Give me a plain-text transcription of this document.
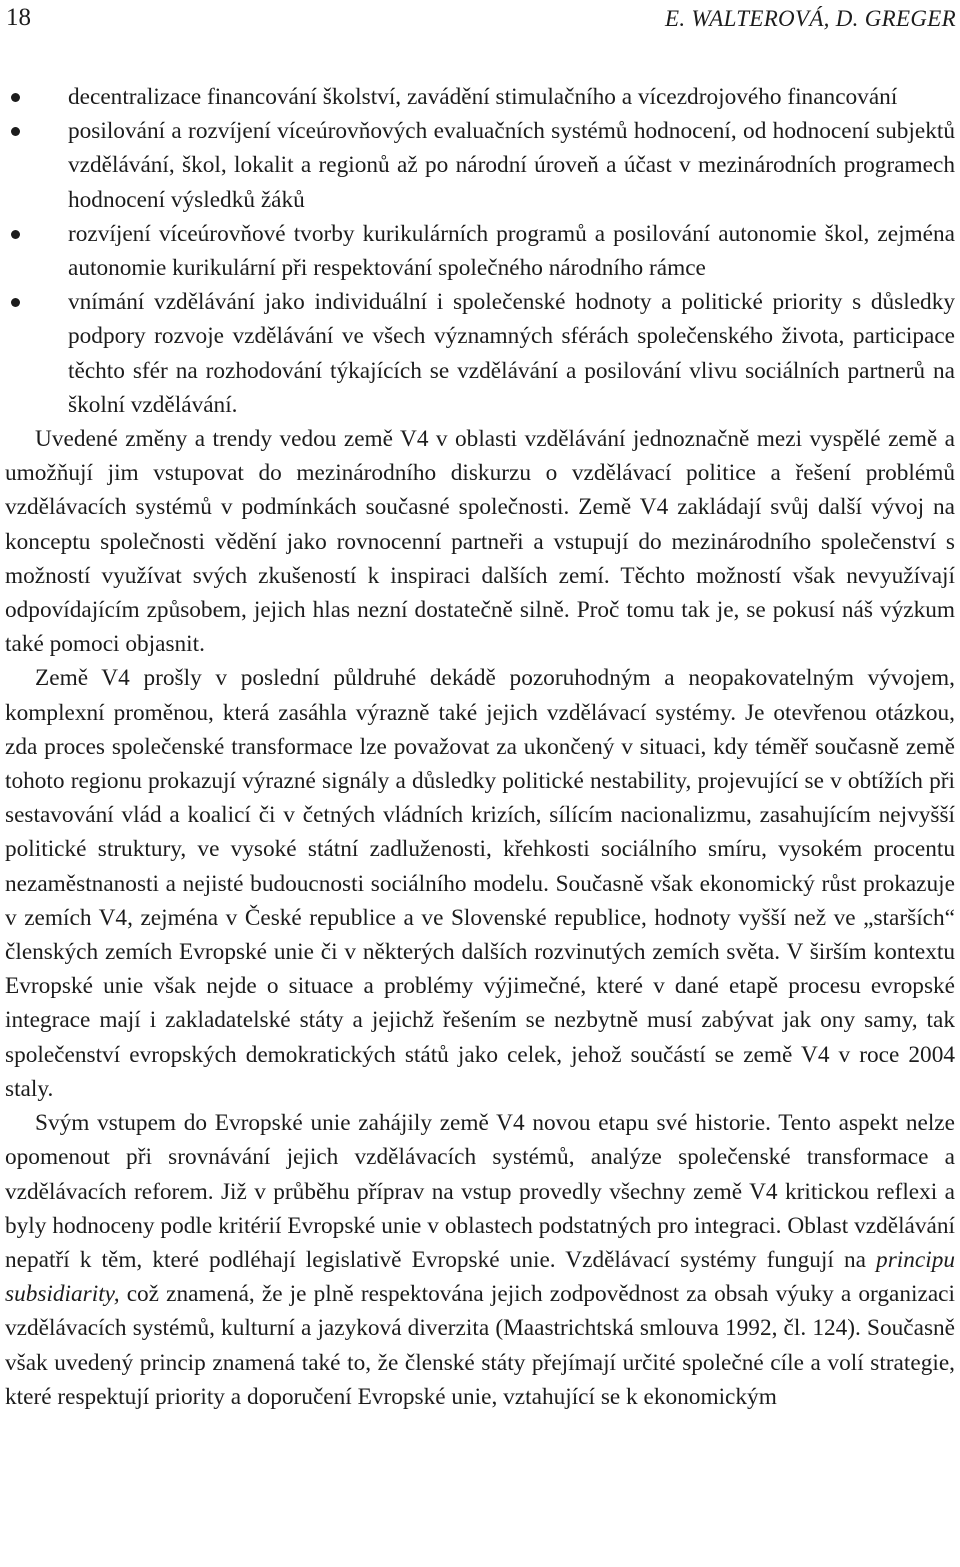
18	E. WALTEROVÁ, D. GREGER
decentralizace financování školství, zavádění stimulačního a vícezdrojového financování
posilování a rozvíjení víceúrovňových evaluačních systémů hodnocení, od hodnocení subjektů vzdělávání, škol, lokalit a regionů až po národní úroveň a účast v mezinárodních programech hodnocení výsledků žáků
rozvíjení víceúrovňové tvorby kurikulárních programů a posilování autonomie škol, zejména autonomie kurikulární při respektování společného národního rámce
vnímání vzdělávání jako individuální i společenské hodnoty a politické priority s důsledky podpory rozvoje vzdělávání ve všech významných sférách společenského života, participace těchto sfér na rozhodování týkajících se vzdělávání a posilování vlivu sociálních partnerů na školní vzdělávání.

Uvedené změny a trendy vedou země V4 v oblasti vzdělávání jednoznačně mezi vyspělé země a umožňují jim vstupovat do mezinárodního diskurzu o vzdělávací politice a řešení problémů vzdělávacích systémů v podmínkách současné společnosti. Země V4 zakládají svůj další vývoj na konceptu společnosti vědění jako rovnocenní partneři a vstupují do mezinárodního společenství s možností využívat svých zkušeností k inspiraci dalších zemí. Těchto možností však nevyužívají odpovídajícím způsobem, jejich hlas nezní dostatečně silně. Proč tomu tak je, se pokusí náš výzkum také pomoci objasnit.

Země V4 prošly v poslední půldruhé dekádě pozoruhodným a neopakovatelným vývojem, komplexní proměnou, která zasáhla výrazně také jejich vzdělávací systémy. Je otevřenou otázkou, zda proces společenské transformace lze považovat za ukončený v situaci, kdy téměř současně země tohoto regionu prokazují výrazné signály a důsledky politické nestability, projevující se v obtížích při sestavování vlád a koalicí či v četných vládních krizích, sílícím nacionalizmu, zasahujícím nejvyšší politické struktury, ve vysoké státní zadluženosti, křehkosti sociálního smíru, vysokém procentu nezaměstnanosti a nejisté budoucnosti sociálního modelu. Současně však ekonomický růst prokazuje v zemích V4, zejména v České republice a ve Slovenské republice, hodnoty vyšší než ve „starších“ členských zemích Evropské unie či v některých dalších rozvinutých zemích světa. V širším kontextu Evropské unie však nejde o situace a problémy výjimečné, které v dané etapě procesu evropské integrace mají i zakladatelské státy a jejichž řešením se nezbytně musí zabývat jak ony samy, tak společenství evropských demokratických států jako celek, jehož součástí se země V4 v roce 2004 staly.

Svým vstupem do Evropské unie zahájily země V4 novou etapu své historie. Tento aspekt nelze opomenout při srovnávání jejich vzdělávacích systémů, analýze společenské transformace a vzdělávacích reforem. Již v průběhu příprav na vstup provedly všechny země V4 kritickou reflexi a byly hodnoceny podle kritérií Evropské unie v oblastech podstatných pro integraci. Oblast vzdělávání nepatří k těm, které podléhají legislativě Evropské unie. Vzdělávací systémy fungují na principu subsidiarity, což znamená, že je plně respektována jejich zodpovědnost za obsah výuky a organizaci vzdělávacích systémů, kulturní a jazyková diverzita (Maastrichtská smlouva 1992, čl. 124). Současně však uvedený princip znamená také to, že členské státy přejímají určité společné cíle a volí strategie, které respektují priority a doporučení Evropské unie, vztahující se k ekonomickým
